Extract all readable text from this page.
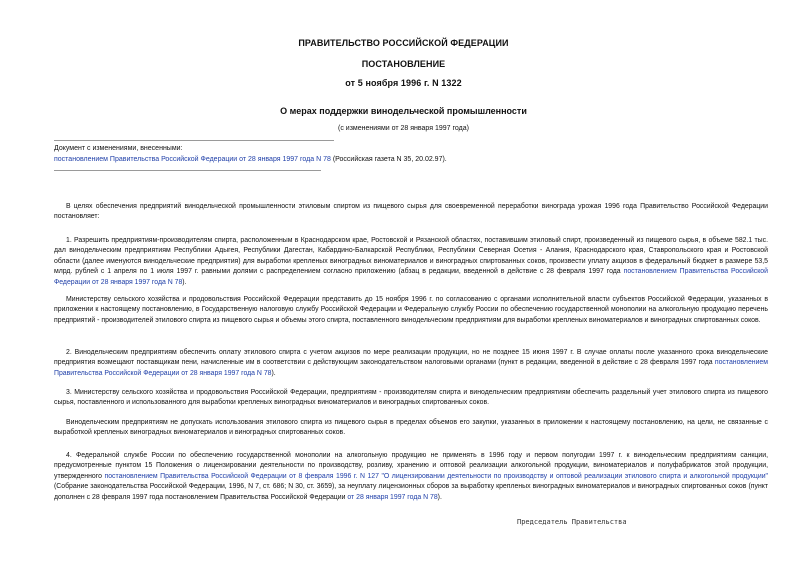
ПРАВИТЕЛЬСТВО РОССИЙСКОЙ ФЕДЕРАЦИИ
ПОСТАНОВЛЕНИЕ
от 5 ноября 1996 г. N 1322
О мерах поддержки винодельческой промышленности
(с изменениями от 28 января 1997 года)
Документ с изменениями, внесенными:
постановлением Правительства Российской Федерации от 28 января 1997 года N 78 (Российская газета N 35, 20.02.97).

В целях обеспечения предприятий винодельческой промышленности этиловым спиртом из пищевого сырья для своевременной переработки винограда урожая 1996 года Правительство Российской Федерации постановляет:

1. Разрешить предприятиям-производителям спирта, расположенным в Краснодарском крае, Ростовской и Рязанской областях, поставившим этиловый спирт, произведенный из пищевого сырья, в объеме 582.1 тыс. дал винодельческим предприятиям Республики Адыгея, Республики Дагестан, Кабардино-Балкарской Республики, Республики Северная Осетия - Алания, Краснодарского края, Ставропольского края и Ростовской области (далее именуются винодельческие предприятия) для выработки крепленых виноградных виноматериалов и виноградных спиртованных соков, произвести уплату акцизов в федеральный бюджет в размере 53,5 млрд. рублей с 1 апреля по 1 июля 1997 г. равными долями с распределением согласно приложению (абзац в редакции, введенной в действие с 28 февраля 1997 года постановлением Правительства Российской Федерации от 28 января 1997 года N 78).

Министерству сельского хозяйства и продовольствия Российской Федерации представить до 15 ноября 1996 г. по согласованию с органами исполнительной власти субъектов Российской Федерации, указанных в приложении к настоящему постановлению, в Государственную налоговую службу Российской Федерации и Федеральную службу России по обеспечению государственной монополии на алкогольную продукцию перечень предприятий - производителей этилового спирта из пищевого сырья и объемы этого спирта, поставленного винодельческим предприятиям для выработки крепленых виноматериалов и виноградных спиртованных соков.

2. Винодельческим предприятиям обеспечить оплату этилового спирта с учетом акцизов по мере реализации продукции, но не позднее 15 июня 1997 г. В случае оплаты после указанного срока винодельческие предприятия возмещают поставщикам пени, начисленные им в соответствии с действующим законодательством налоговыми органами (пункт в редакции, введенной в действие с 28 февраля 1997 года постановлением Правительства Российской Федерации от 28 января 1997 года N 78).

3. Министерству сельского хозяйства и продовольствия Российской Федерации, предприятиям - производителям спирта и винодельческим предприятиям обеспечить раздельный учет этилового спирта из пищевого сырья, поставленного и использованного для выработки крепленых виноградных виноматериалов и виноградных спиртованных соков.

Винодельческим предприятиям не допускать использования этилового спирта из пищевого сырья в пределах объемов его закупки, указанных в приложении к настоящему постановлению, на цели, не связанные с выработкой крепленых виноградных виноматериалов и виноградных спиртованных соков.

4. Федеральной службе России по обеспечению государственной монополии на алкогольную продукцию не применять в 1996 году и первом полугодии 1997 г. к винодельческим предприятиям санкции, предусмотренные пунктом 15 Положения о лицензировании деятельности по производству, розливу, хранению и оптовой реализации алкогольной продукции, виноматериалов и полуфабрикатов этой продукции, утвержденного постановлением Правительства Российской Федерации от 8 февраля 1996 г. N 127 "О лицензировании деятельности по производству и оптовой реализации этилового спирта и алкогольной продукции" (Собрание законодательства Российской Федерации, 1996, N 7, ст. 686; N 30, ст. 3659), за неуплату лицензионных сборов за выработку крепленых виноградных виноматериалов и виноградных спиртованных соков (пункт дополнен с 28 февраля 1997 года постановлением Правительства Российской Федерации от 28 января 1997 года N 78).

Председатель Правительства
